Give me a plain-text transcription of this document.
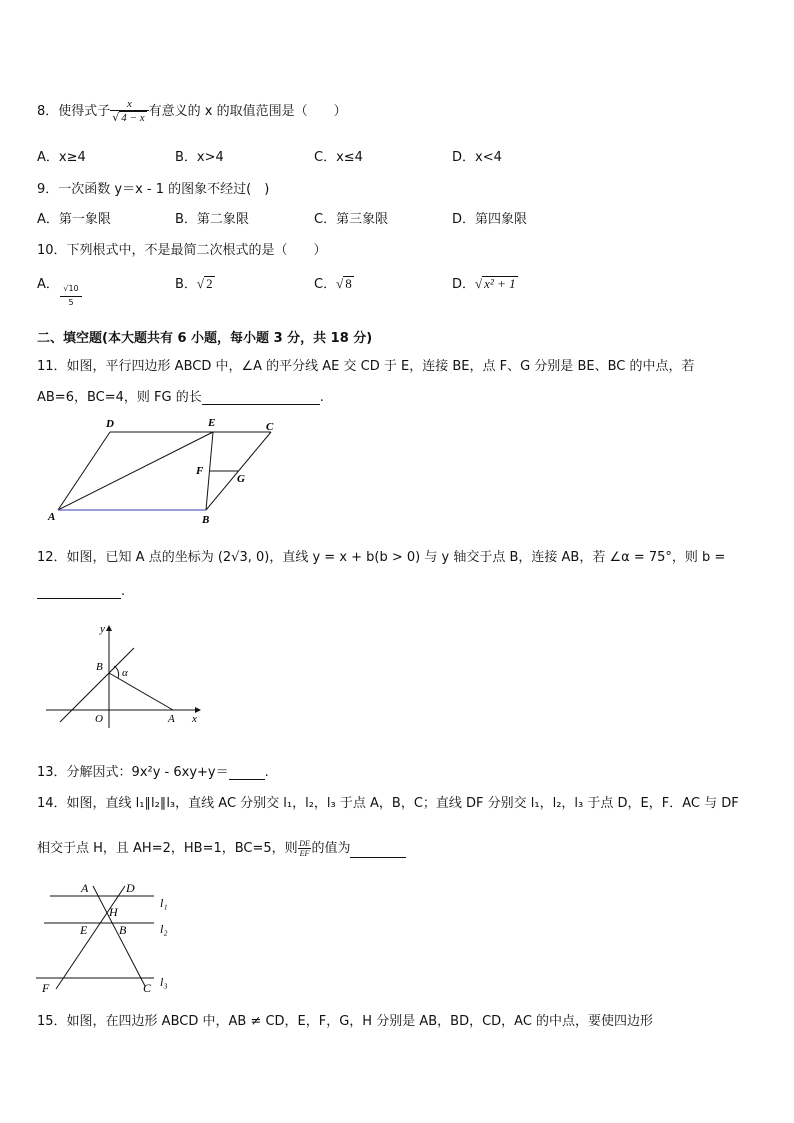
8．使得式子 $\frac{x}{√ 4 - x}$ 有意义的 x 的取值范围是（　　）
A．x≥4	B．x>4	C．x≤4	D．x<4
9．一次函数 y＝x - 1 的图象不经过(　)
A．第一象限	B．第二象限	C．第三象限	D．第四象限
10．下列根式中，不是最简二次根式的是（　　）
A． $\frac{√10}{5}$	B．√ 2	C．√ 8	D．√ x² + 1
二、填空题(本大题共有 6 小题，每小题 3 分，共 18 分)
11．如图，平行四边形 ABCD 中，∠A 的平分线 AE 交 CD 于 E，连接 BE，点 F、G 分别是 BE、BC 的中点，若
AB=6，BC=4，则 FG 的长	.
A	B
C
D	E
F
G
12．如图，已知 A 点的坐标为 (2√3, 0)，直线 y = x + b(b > 0) 与 y 轴交于点 B，连接 AB，若 ∠α = 75°，则 b =
.
y
x
B α
O	A
13．分解因式：9x²y - 6xy+y＝	.
14．如图，直线 l₁∥l₂∥l₃，直线 AC 分别交 l₁，l₂，l₃ 于点 A，B，C；直线 DF 分别交 l₁，l₂，l₃ 于点 D，E，F．AC 与 DF
相交于点 H，且 AH=2，HB=1，BC=5，则 $\frac{DE}{EF}$ 的值为
A	D
l₁
H
E	B	l₂
F	C l₃
15．如图，在四边形 ABCD 中，AB ≠ CD，E，F，G，H 分别是 AB，BD，CD，AC 的中点，要使四边形
